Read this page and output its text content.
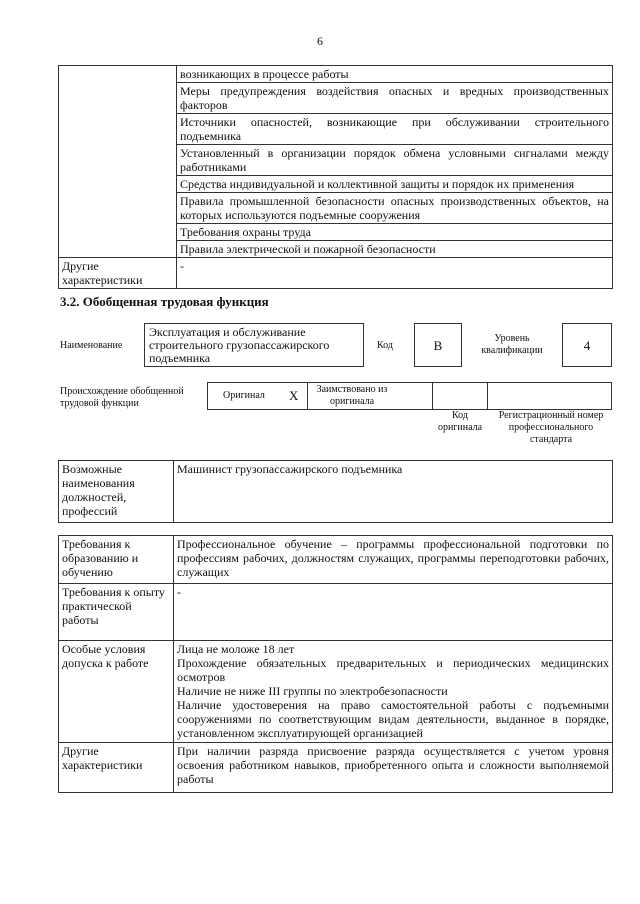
6
	возникающих в процессе работы
	Меры предупреждения воздействия опасных и вредных производственных факторов
	Источники опасностей, возникающие при обслуживании строительного подъемника
	Установленный в организации порядок обмена условными сигналами между работниками
	Средства индивидуальной и коллективной защиты и порядок их применения
	Правила промышленной безопасности опасных производственных объектов, на которых используются подъемные сооружения
	Требования охраны труда
	Правила электрической и пожарной безопасности
Другие характеристики	-
3.2. Обобщенная трудовая функция
Наименование
Эксплуатация и обслуживание строительного грузопассажирского подъемника
Код	B	Уровень квалификации	4
Происхождение обобщенной трудовой функции
Оригинал X Заимствовано из оригинала
Код оригинала
Регистрационный номер профессионального стандарта
Возможные наименования должностей, профессий	Машинист грузопассажирского подъемника
Требования к образованию и обучению	Профессиональное обучение – программы профессиональной подготовки по профессиям рабочих, должностям служащих, программы переподготовки рабочих, служащих
Требования к опыту практической работы	-
Особые условия допуска к работе	Лица не моложе 18 лет
Прохождение обязательных предварительных и периодических медицинских осмотров
Наличие не ниже III группы по электробезопасности
Наличие удостоверения на право самостоятельной работы с подъемными сооружениями по соответствующим видам деятельности, выданное в порядке, установленном эксплуатирующей организацией

Другие характеристики	При наличии разряда присвоение разряда осуществляется с учетом уровня освоения работником навыков, приобретенного опыта и сложности выполняемой работы
